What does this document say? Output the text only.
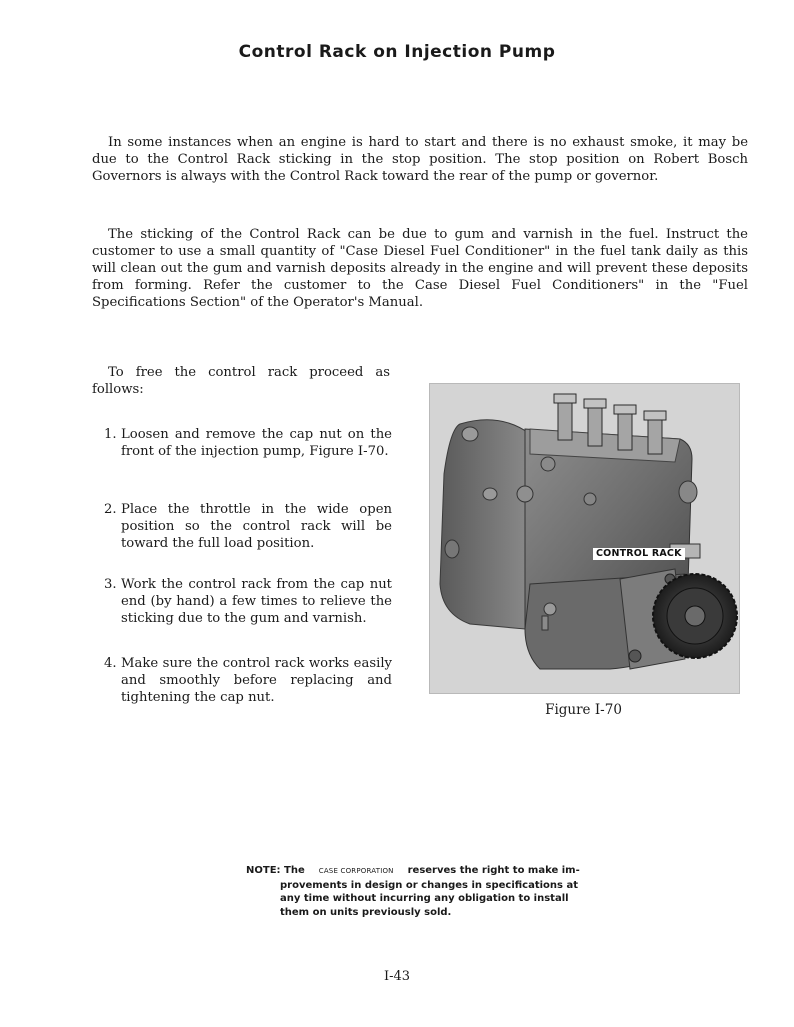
Control Rack on Injection Pump

In some instances when an engine is hard to start and there is no exhaust smoke, it may be due to the Control Rack sticking in the stop position. The stop position on Robert Bosch Governors is always with the Control Rack toward the rear of the pump or governor.

The sticking of the Control Rack can be due to gum and varnish in the fuel. Instruct the customer to use a small quantity of "Case Diesel Fuel Conditioner" in the fuel tank daily as this will clean out the gum and varnish deposits already in the engine and will prevent these deposits from forming. Refer the customer to the Case Diesel Fuel Conditioners" in the "Fuel Specifications Section" of the Operator's Manual.

To free the control rack proceed as follows:

1. Loosen and remove the cap nut on the front of the injection pump, Figure I-70.
2. Place the throttle in the wide open position so the control rack will be toward the full load position.
3. Work the control rack from the cap nut end (by hand) a few times to relieve the sticking due to the gum and varnish.
4. Make sure the control rack works easily and smoothly before replacing and tightening the cap nut.
CONTROL RACK
Figure I-70
NOTE: The CASE CORPORATION reserves the right to make im-
provements in design or changes in specifications at any time without incurring any obligation to install them on units previously sold.
I-43
